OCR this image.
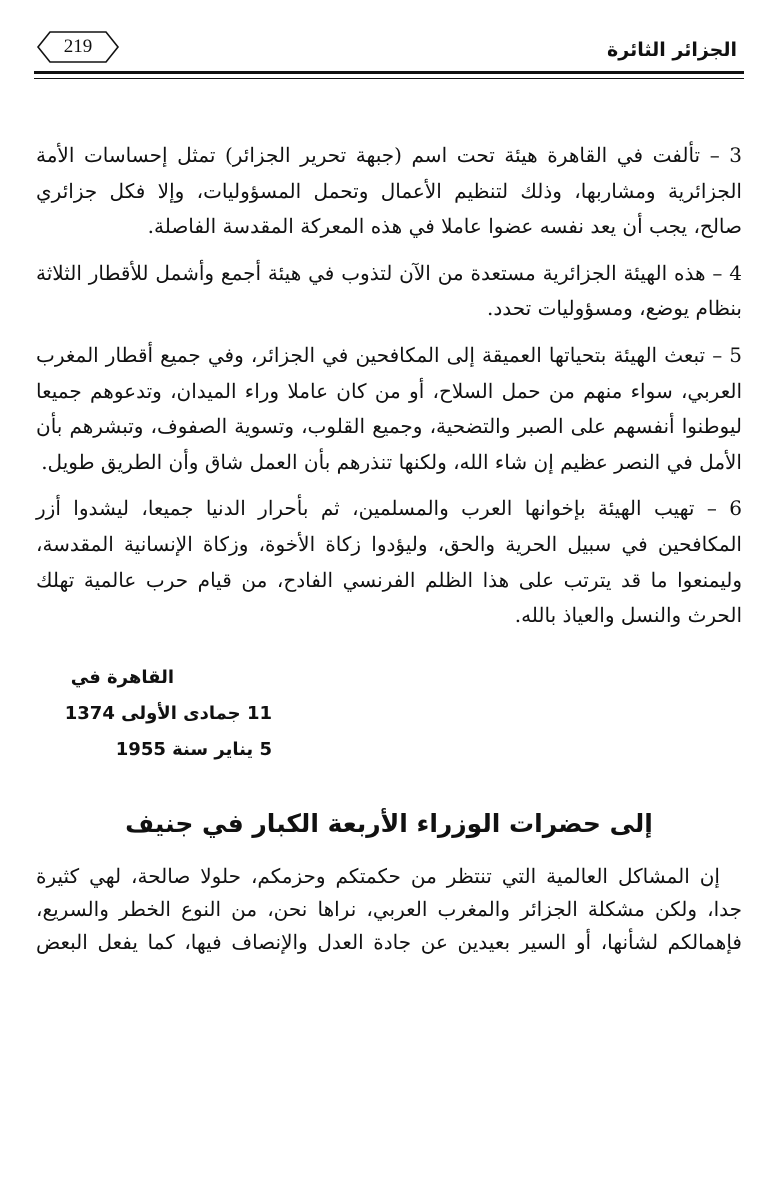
الجزائر الثائرة
219

3 – تألفت في القاهرة هيئة تحت اسم (جبهة تحرير الجزائر) تمثل إحساسات الأمة الجزائرية ومشاربها، وذلك لتنظيم الأعمال وتحمل المسؤوليات، وإلا فكل جزائري صالح، يجب أن يعد نفسه عضوا عاملا في هذه المعركة المقدسة الفاصلة.

4 – هذه الهيئة الجزائرية مستعدة من الآن لتذوب في هيئة أجمع وأشمل للأقطار الثلاثة بنظام يوضع، ومسؤوليات تحدد.

5 – تبعث الهيئة بتحياتها العميقة إلى المكافحين في الجزائر، وفي جميع أقطار المغرب العربي، سواء منهم من حمل السلاح، أو من كان عاملا وراء الميدان، وتدعوهم جميعا ليوطنوا أنفسهم على الصبر والتضحية، وجميع القلوب، وتسوية الصفوف، وتبشرهم بأن الأمل في النصر عظيم إن شاء الله، ولكنها تنذرهم بأن العمل شاق وأن الطريق طويل.

6 – تهيب الهيئة بإخوانها العرب والمسلمين، ثم بأحرار الدنيا جميعا، ليشدوا أزر المكافحين في سبيل الحرية والحق، وليؤدوا زكاة الأخوة، وزكاة الإنسانية المقدسة، وليمنعوا ما قد يترتب على هذا الظلم الفرنسي الفادح، من قيام حرب عالمية تهلك الحرث والنسل والعياذ بالله.

القاهرة في
11 جمادى الأولى 1374
5 يناير سنة 1955
إلى حضرات الوزراء الأربعة الكبار في جنيف

إن المشاكل العالمية التي تنتظر من حكمتكم وحزمكم، حلولا صالحة، لهي كثيرة جدا، ولكن مشكلة الجزائر والمغرب العربي، نراها نحن، من النوع الخطر والسريع، فإهمالكم لشأنها، أو السير بعيدين عن جادة العدل والإنصاف فيها، كما يفعل البعض
